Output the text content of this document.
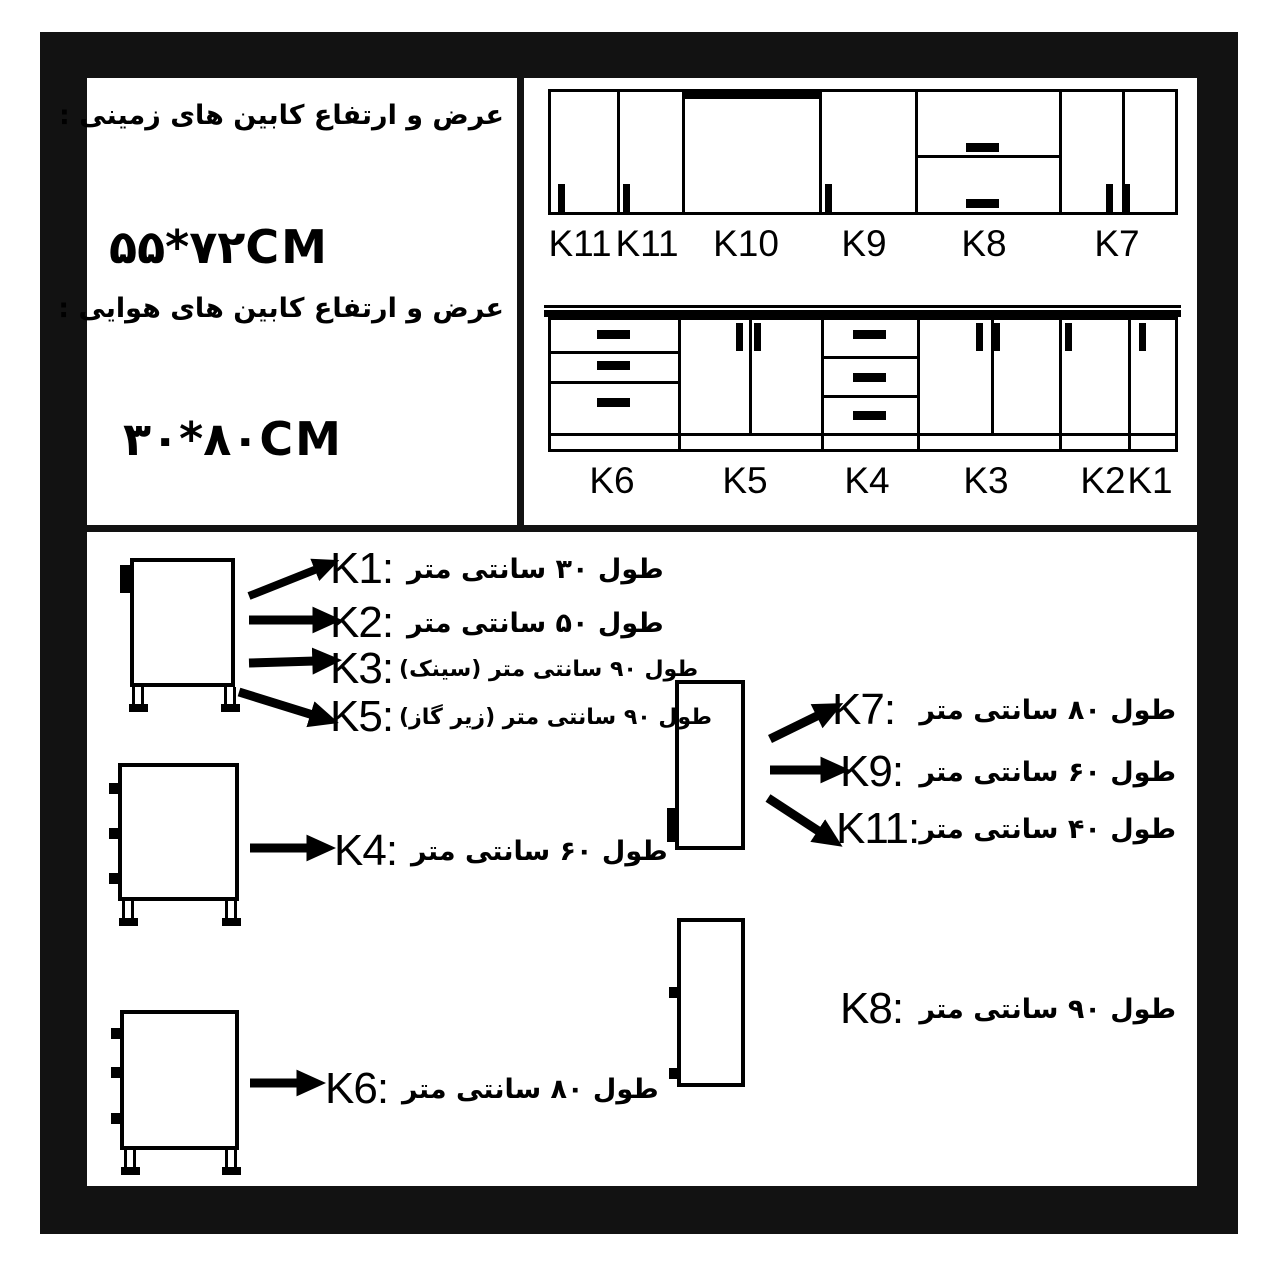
عرض و ارتفاع کابین های زمینی :
۵۵*۷۲CM
عرض و ارتفاع کابین های هوایی :
۳۰*۸۰CM
K11 K11 K10 K9 K8 K7
K6 K5 K4 K3 K2 K1
K1: طول ۳۰ سانتی متر
K2: طول ۵۰ سانتی متر
K3: طول ۹۰ سانتی متر (سینک)
K5: طول ۹۰ سانتی متر (زیر گاز)
K4: طول ۶۰ سانتی متر
K6: طول ۸۰ سانتی متر
K7: طول ۸۰ سانتی متر
K9: طول ۶۰ سانتی متر
K11: طول ۴۰ سانتی متر
K8: طول ۹۰ سانتی متر
